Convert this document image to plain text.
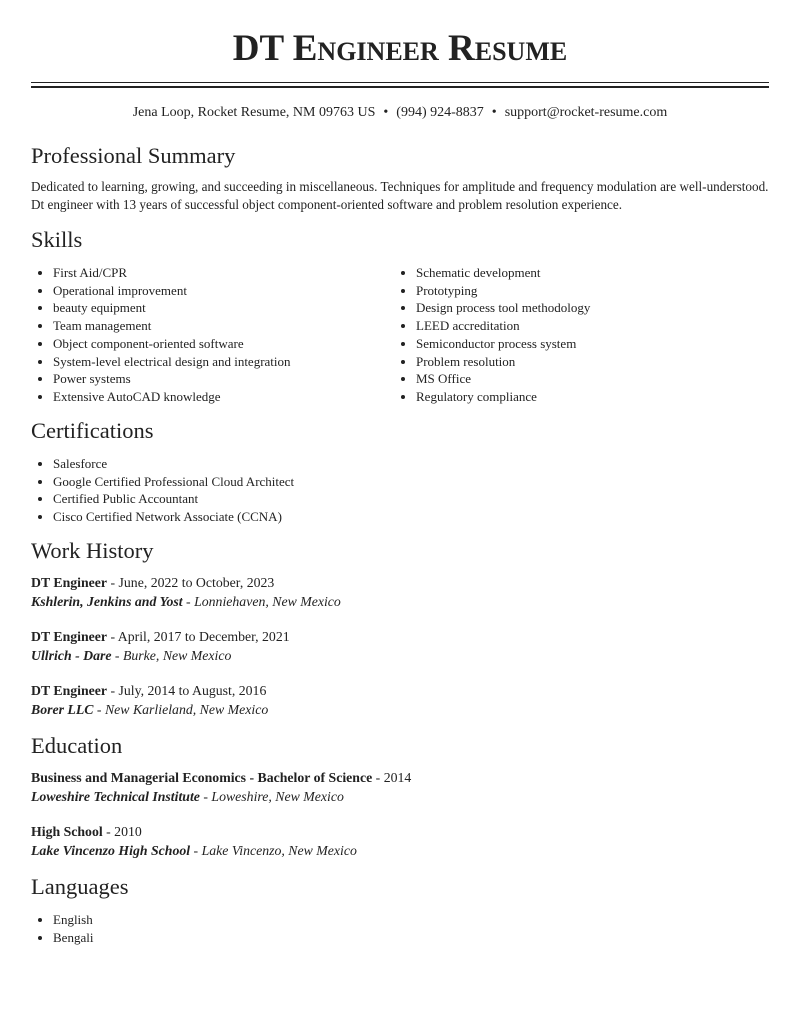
DT Engineer Resume
Jena Loop, Rocket Resume, NM 09763 US • (994) 924-8837 • support@rocket-resume.com
Professional Summary

Dedicated to learning, growing, and succeeding in miscellaneous. Techniques for amplitude and frequency modulation are well-understood. Dt engineer with 13 years of successful object component-oriented software and problem resolution experience.

Skills
• First Aid/CPR
• Operational improvement
• beauty equipment
• Team management
• Object component-oriented software
• System-level electrical design and integration
• Power systems
• Extensive AutoCAD knowledge
• Schematic development
• Prototyping
• Design process tool methodology
• LEED accreditation
• Semiconductor process system
• Problem resolution
• MS Office
• Regulatory compliance
Certifications
• Salesforce
• Google Certified Professional Cloud Architect
• Certified Public Accountant
• Cisco Certified Network Associate (CCNA)
Work History
DT Engineer - June, 2022 to October, 2023
Kshlerin, Jenkins and Yost - Lonniehaven, New Mexico
DT Engineer - April, 2017 to December, 2021
Ullrich - Dare - Burke, New Mexico
DT Engineer - July, 2014 to August, 2016
Borer LLC - New Karlieland, New Mexico
Education
Business and Managerial Economics - Bachelor of Science - 2014
Loweshire Technical Institute - Loweshire, New Mexico
High School - 2010
Lake Vincenzo High School - Lake Vincenzo, New Mexico
Languages
• English
• Bengali
